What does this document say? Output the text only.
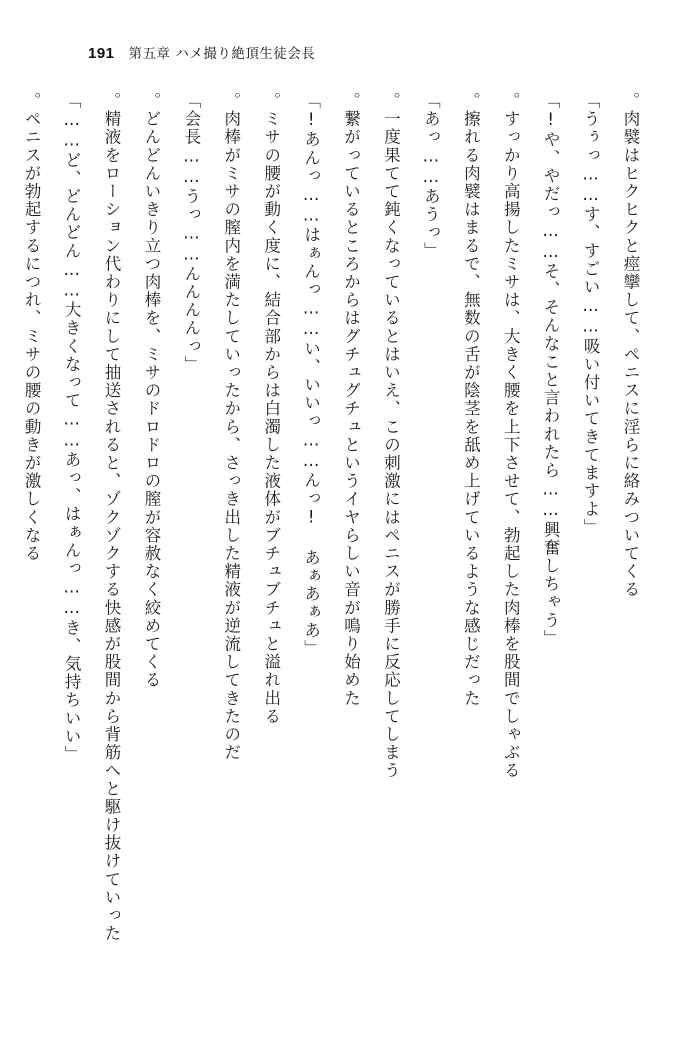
191 第五章 ハメ撮り絶頂生徒会長

肉襞はヒクヒクと痙攣して、ペニスに淫らに絡みついてくる。

「うぅっ……す、すごい……吸い付いてきてますよ」

「や、やだっ……そ、そんなこと言われたら……興奮しちゃう!」

すっかり高揚したミサは、大きく腰を上下させて、勃起した肉棒を股間でしゃぶる。

擦れる肉襞はまるで、無数の舌が陰茎を舐め上げているような感じだった。

「あっ……あうっ」

一度果てて鈍くなっているとはいえ、この刺激にはペニスが勝手に反応してしまう。

繋がっているところからはグチュグチュというイヤらしい音が鳴り始めた。

「あんっ……はぁんっ……い、いいっ……んっ! あぁあぁあ!」

ミサの腰が動く度に、結合部からは白濁した液体がブチュブチュと溢れ出る。

肉棒がミサの膣内を満たしていったから、さっき出した精液が逆流してきたのだ。

「会長……うっ……んんんんっ」

どんどんいきり立つ肉棒を、ミサのドロドロの膣が容赦なく絞めてくる。

精液をローション代わりにして抽送されると、ゾクゾクする快感が股間から背筋へと駆け抜けていった。

「ど、どんどん……大きくなって……あっ、はぁんっ……き、気持ちいい……」

ペニスが勃起するにつれ、ミサの腰の動きが激しくなる。
